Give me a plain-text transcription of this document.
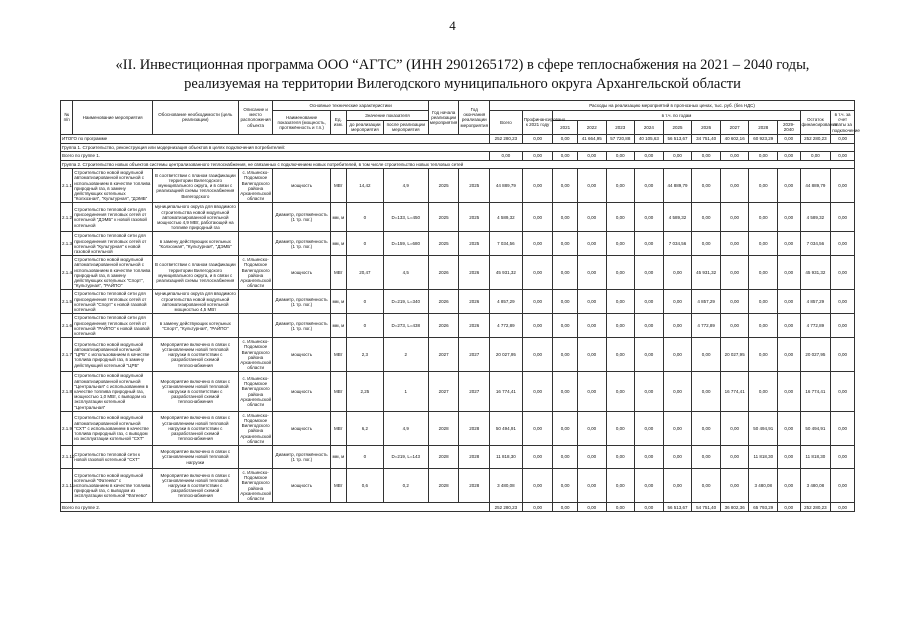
4
«II. Инвестиционная программа ООО “АГТС” (ИНН 2901265172) в сфере теплоснабжения на 2021 – 2040 годы,
реализуемая на территории Вилегодского муниципального округа Архангельской области
№ п/п	Наименование мероприятия	Обоснование необходимости (цель реализации)	Описание и место расположения объекта	Основные технические характеристики				Год начала реализации мероприятия	Год окончания реализации мероприятия	Расходы на реализацию мероприятий в прогнозных ценах, тыс. руб. (без НДС)												
				Наименование показателя (мощность, протяжённость и т.п.)	Ед. изм.	Значение показателя				Всего	Профинансировано к 2021 году	в т.ч. по годам									Остаток финансирования	в т.ч. за счет платы за подключение
						до реализации мероприятия	после реализации мероприятия					2021	2022	2023	2024	2025	2026	2027	2028	2029-2040		
ИТОГО по программе										252 280,23	0,00	0,00	41 664,95	57 720,88	40 105,63	56 513,67	34 751,40	40 602,16	60 923,29	0,00	252 280,23	0,00
Группа 1. Строительство, реконструкция или модернизация объектов в целях подключения потребителей:																						
Всего по группе 1.										0,00	0,00	0,00	0,00	0,00	0,00	0,00	0,00	0,00	0,00	0,00	0,00	0,00
Группа 2. Строительство новых объектов системы централизованного теплоснабжения, не связанных с подключением новых потребителей, в том числе строительство новых тепловых сетей																						
2.1.1	Строительство новой модульной автоматизированной котельной с использованием в качестве топлива природный газ, в замену действующих котельных "Колхозная", "Культурная", "ДЭМБ"	В соответствии с планом газификации территории Вилегодского муниципального округа, и в связи с реализацией схемы теплоснабжения Вилегодского	с. Ильинско-Подомское Вилегодского района Архангельской области	мощность	МВт	14,42	4,9	2025	2025	44 889,79	0,00	0,00	0,00	0,00	0,00	44 889,79	0,00	0,00	0,00	0,00	44 889,79	0,00
2.1.2	Строительство тепловой сети для присоединения тепловых сетей от котельной "ДЭМБ" к новой газовой котельной	муниципального округа для вводимого строительства новой модульной автоматизированной котельной мощностью 4,9 МВт, работающей на топливе природный газ		Диаметр, протяжённость (1 тр. пог.)	мм, м	0	D=133, L=450	2025	2025	4 589,32	0,00	0,00	0,00	0,00	0,00	4 589,32	0,00	0,00	0,00	0,00	4 589,32	0,00
2.1.3	Строительство тепловой сети для присоединения тепловых сетей от котельной "Культурная" к новой газовой котельной	в замену действующих котельных "Колхозная", "Культурная", "ДЭМБ"		Диаметр, протяжённость (1 тр. пог.)	мм, м	0	D=159, L=680	2025	2025	7 034,56	0,00	0,00	0,00	0,00	0,00	7 034,56	0,00	0,00	0,00	0,00	7 034,56	0,00
2.1.4	Строительство новой модульной автоматизированной котельной с использованием в качестве топлива природный газ, в замену действующих котельных "Спорт", "Культурная", "РАЙПО"	В соответствии с планом газификации территории Вилегодского муниципального округа, и в связи с реализацией схемы теплоснабжения	с. Ильинско-Подомское Вилегодского района Архангельской области	мощность	МВт	20,47	4,5	2026	2026	45 931,32	0,00	0,00	0,00	0,00	0,00	0,00	45 931,32	0,00	0,00	0,00	45 931,32	0,00
2.1.5	Строительство тепловой сети для присоединения тепловых сетей от котельной "Спорт" к новой газовой котельной	муниципального округа для вводимого строительства новой модульной автоматизированной котельной мощностью 4,5 МВт		Диаметр, протяжённость (1 тр. пог.)	мм, м	0	D=219, L=340	2026	2026	4 857,29	0,00	0,00	0,00	0,00	0,00	0,00	4 857,29	0,00	0,00	0,00	4 857,29	0,00
2.1.6	Строительство тепловой сети для присоединения тепловых сетей от котельной "РАЙПО" к новой газовой котельной	в замену действующих котельных "Спорт", "Культурная", "РАЙПО"		Диаметр, протяжённость (1 тр. пог.)	мм, м	0	D=273, L=438	2026	2026	4 772,89	0,00	0,00	0,00	0,00	0,00	0,00	4 772,89	0,00	0,00	0,00	4 772,89	0,00
2.1.7	Строительство новой модульной автоматизированной котельной "ЦРБ" с использованием в качестве топлива природный газ, в замену действующей котельной "ЦРБ"	Мероприятие включено в связи с установлением новой тепловой нагрузки в соответствии с разработанной схемой теплоснабжения	с. Ильинско-Подомское Вилегодского района Архангельской области	мощность	МВт	2,3	2	2027	2027	20 027,95	0,00	0,00	0,00	0,00	0,00	0,00	0,00	20 027,95	0,00	0,00	20 027,95	0,00
2.1.8	Строительство новой модульной автоматизированной котельной "Центральная" с использованием в качестве топлива природный газ, мощностью 1,0 МВт, с выводом из эксплуатации котельной "Центральная"	Мероприятие включено в связи с установлением новой тепловой нагрузки в соответствии с разработанной схемой теплоснабжения	с. Ильинско-Подомское Вилегодского района Архангельской области	мощность	МВт	2,25	1	2027	2027	16 774,41	0,00	0,00	0,00	0,00	0,00	0,00	0,00	16 774,41	0,00	0,00	16 774,41	0,00
2.1.9	Строительство новой модульной автоматизированной котельной "СХТ" с использованием в качестве топлива природный газ, с выводом из эксплуатации котельной "СХТ"	Мероприятие включено в связи с установлением новой тепловой нагрузки в соответствии с разработанной схемой теплоснабжения	с. Ильинско-Подомское Вилегодского района Архангельской области	мощность	МВт	6,2	4,9	2028	2028	50 494,91	0,00	0,00	0,00	0,00	0,00	0,00	0,00	0,00	50 494,91	0,00	50 494,91	0,00
2.1.10	Строительство тепловой сети к новой газовой котельной "СХТ"	Мероприятие включено в связи с установлением новой тепловой нагрузки		Диаметр, протяжённость (1 тр. пог.)	мм, м	0	D=219, L=143	2028	2028	11 818,30	0,00	0,00	0,00	0,00	0,00	0,00	0,00	0,00	11 818,30	0,00	11 818,30	0,00
2.1.11	Строительство новой модульной котельной "Фатеево" с использованием в качестве топлива природный газ, с выводом из эксплуатации котельной "Фатеево"	Мероприятие включено в связи с установлением новой тепловой нагрузки в соответствии с разработанной схемой теплоснабжения	с. Ильинско-Подомское Вилегодского района Архангельской области	мощность	МВт	0,6	0,2	2028	2028	3 480,08	0,00	0,00	0,00	0,00	0,00	0,00	0,00	0,00	3 480,08	0,00	3 480,08	0,00
Всего по группе 2.										252 280,23	0,00	0,00	0,00	0,00	0,00	56 513,67	54 751,40	36 802,36	65 793,29	0,00	252 280,23	0,00
